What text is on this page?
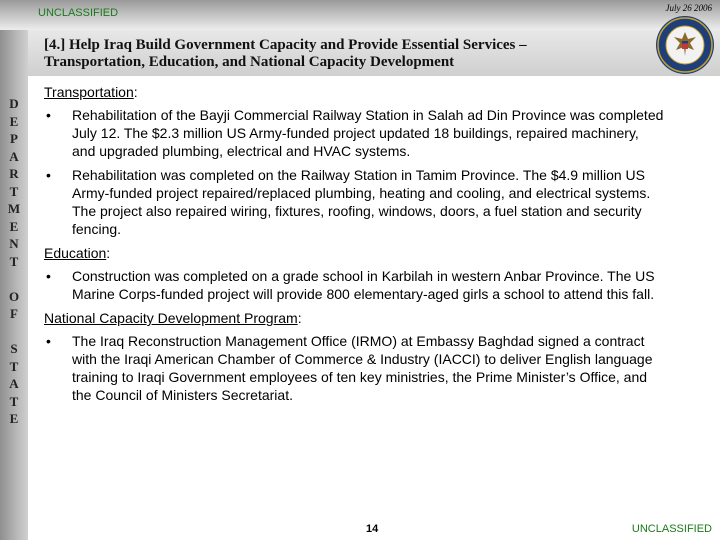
UNCLASSIFIED	July 26 2006
D
E
P
A
R
T
M
E
N
T

O
F

S
T
A
T
E
[4.] Help Iraq Build Government Capacity and Provide Essential Services –
Transportation, Education, and National Capacity Development
Transportation:
• Rehabilitation of the Bayji Commercial Railway Station in Salah ad Din Province was completed July 12. The $2.3 million US Army-funded project updated 18 buildings, repaired machinery, and upgraded plumbing, electrical and HVAC systems.
• Rehabilitation was completed on the Railway Station in Tamim Province. The $4.9 million US Army-funded project repaired/replaced plumbing, heating and cooling, and electrical systems. The project also repaired wiring, fixtures, roofing, windows, doors, a fuel station and security fencing.
Education:
• Construction was completed on a grade school in Karbilah in western Anbar Province. The US Marine Corps-funded project will provide 800 elementary-aged girls a school to attend this fall.
National Capacity Development Program:
• The Iraq Reconstruction Management Office (IRMO) at Embassy Baghdad signed a contract with the Iraqi American Chamber of Commerce & Industry (IACCI) to deliver English language training to Iraqi Government employees of ten key ministries, the Prime Minister’s Office, and the Council of Ministers Secretariat.
14	UNCLASSIFIED
